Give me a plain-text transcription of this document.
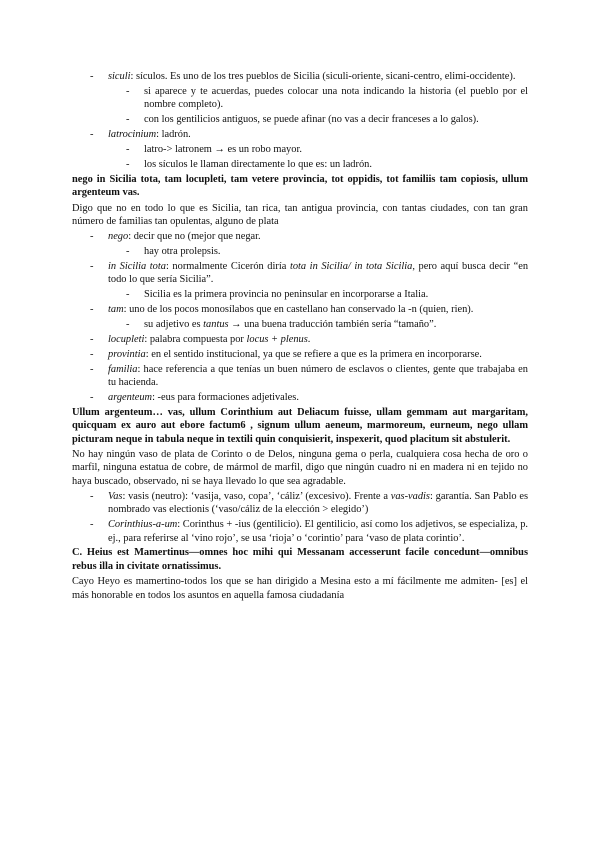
- siculi: sículos. Es uno de los tres pueblos de Sicilia (siculi-oriente, sicani-centro, elimi-occidente).
- si aparece y te acuerdas, puedes colocar una nota indicando la historia (el pueblo por el nombre completo).
- con los gentilicios antiguos, se puede afinar (no vas a decir franceses a lo galos).
- latrocinium: ladrón.
- latro-> latronem → es un robo mayor.
- los sículos le llaman directamente lo que es: un ladrón.
nego in Sicilia tota, tam locupleti, tam vetere provincia, tot oppidis, tot familiis tam copiosis, ullum argenteum vas.
Digo que no en todo lo que es Sicilia, tan rica, tan antigua provincia, con tantas ciudades, con tan gran número de familias tan opulentas, alguno de plata
- nego: decir que no (mejor que negar.
- hay otra prolepsis.
- in Sicilia tota: normalmente Cicerón diría tota in Sicilia/ in tota Sicilia, pero aquí busca decir “en todo lo que sería Sicilia”.
- Sicilia es la primera provincia no peninsular en incorporarse a Italia.
- tam: uno de los pocos monosílabos que en castellano han conservado la -n (quien, rien).
- su adjetivo es tantus → una buena traducción también sería “tamaño”.
- locupleti: palabra compuesta por locus + plenus.
- provintia: en el sentido institucional, ya que se refiere a que es la primera en incorporarse.
- familia: hace referencia a que tenías un buen número de esclavos o clientes, gente que trabajaba en tu hacienda.
- argenteum: -eus para formaciones adjetivales.
Ullum argenteum… vas, ullum Corinthium aut Deliacum fuisse, ullam gemmam aut margaritam, quicquam ex auro aut ebore factum6 , signum ullum aeneum, marmoreum, eurneum, nego ullam picturam neque in tabula neque in textili quin conquisierit, inspexerit, quod placitum sit abstulerit.
No hay ningún vaso de plata de Corinto o de Delos, ninguna gema o perla, cualquiera cosa hecha de oro o marfil, ninguna estatua de cobre, de mármol de marfil, digo que ningún cuadro ni en madera ni en tejido no haya buscado, observado, ni se haya llevado lo que sea agradable.
- Vas: vasis (neutro): ‘vasija, vaso, copa’, ‘cáliz’ (excesivo). Frente a vas-vadis: garantía. San Pablo es nombrado vas electionis (‘vaso/cáliz de la elección > elegido’)
- Corinthius-a-um: Corinthus + -ius (gentilicio). El gentilicio, así como los adjetivos, se especializa, p. ej., para referirse al ‘vino rojo’, se usa ‘rioja’ o ‘corintio’ para ‘vaso de plata corintio’.
C. Heius est Mamertinus—omnes hoc mihi qui Messanam accesserunt facile concedunt—omnibus rebus illa in civitate ornatissimus.
Cayo Heyo es mamertino-todos los que se han dirigido a Mesina esto a mí fácilmente me admiten- [es] el más honorable en todos los asuntos en aquella famosa ciudadanía
